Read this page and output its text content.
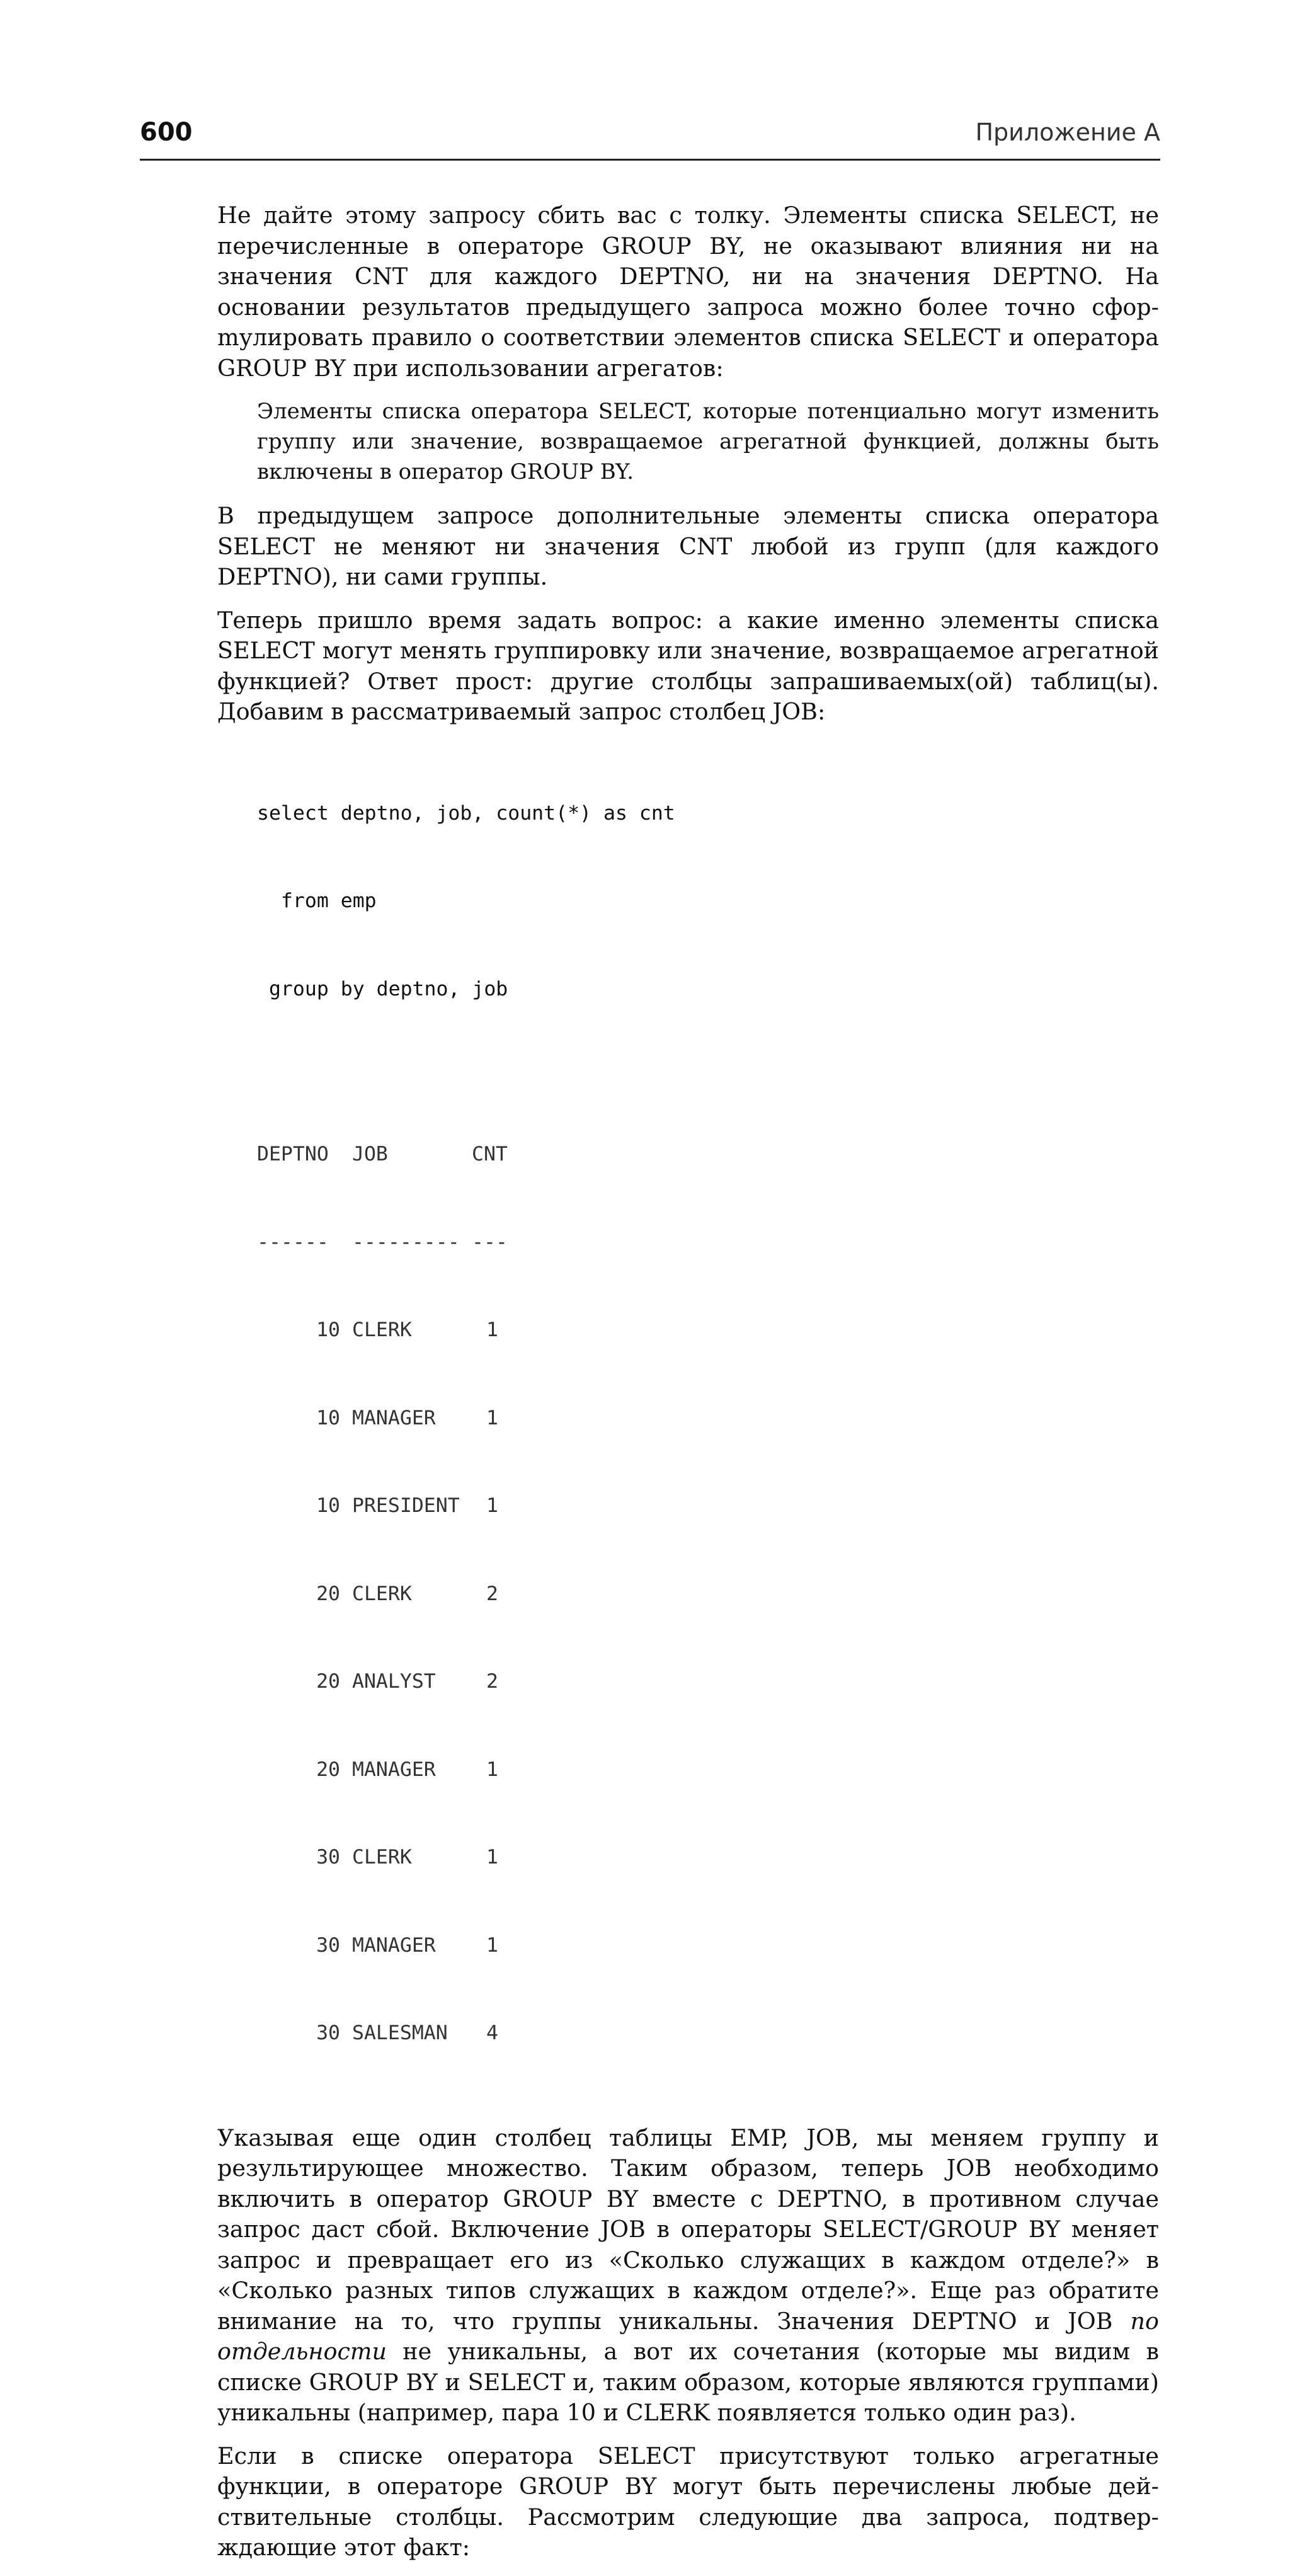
600	Приложение А

Не дайте этому запросу сбить вас с толку. Элементы списка SELECT, не перечисленные в операторе GROUP BY, не оказывают влияния ни на значения CNT для каждого DEPTNO, ни на значения DEPTNO. На основании результатов предыдущего запроса можно более точно сфорmулировать правило о соответствии элементов списка SELECT и оператора GROUP BY при использовании агрегатов:

Элементы списка оператора SELECT, которые потенциально могут изменить группу или значение, возвращаемое агрегатной функцией, должны быть включены в оператор GROUP BY.

В предыдущем запросе дополнительные элементы списка оператора SELECT не меняют ни значения CNT любой из групп (для каждого DEPTNO), ни сами группы.

Теперь пришло время задать вопрос: а какие именно элементы списка SELECT могут менять группировку или значение, возвращаемое агрегатной функцией? Ответ прост: другие столбцы запрашиваемых(ой) таблиц(ы). Добавим в рассматриваемый запрос столбец JOB:

select deptno, job, count(*) as cnt

from emp

group by deptno, job

DEPTNO JOB	CNT

------ --------- ---

10 CLERK	1

10 MANAGER	1

10 PRESIDENT 1

20 CLERK	2

20 ANALYST	2

20 MANAGER	1

30 CLERK	1

30 MANAGER	1

30 SALESMAN 4

Указывая еще один столбец таблицы EMP, JOB, мы меняем группу и результирующее множество. Таким образом, теперь JOB необходимо включить в оператор GROUP BY вместе с DEPTNO, в противном случае запрос даст сбой. Включение JOB в операторы SELECT/GROUP BY меняет запрос и превращает его из «Сколько служащих в каждом отделе?» в «Сколько разных типов служащих в каждом отделе?». Еще раз обратите внимание на то, что группы уникальны. Значения DEPTNO и JOB по отдельности не уникальны, а вот их сочетания (которые мы видим в списке GROUP BY и SELECT и, таким образом, которые являются группами) уникальны (например, пара 10 и CLERK появляется только один раз).

Если в списке оператора SELECT присутствуют только агрегатные функции, в операторе GROUP BY могут быть перечислены любые действительные столбцы. Рассмотрим следующие два запроса, подтверждающие этот факт:
